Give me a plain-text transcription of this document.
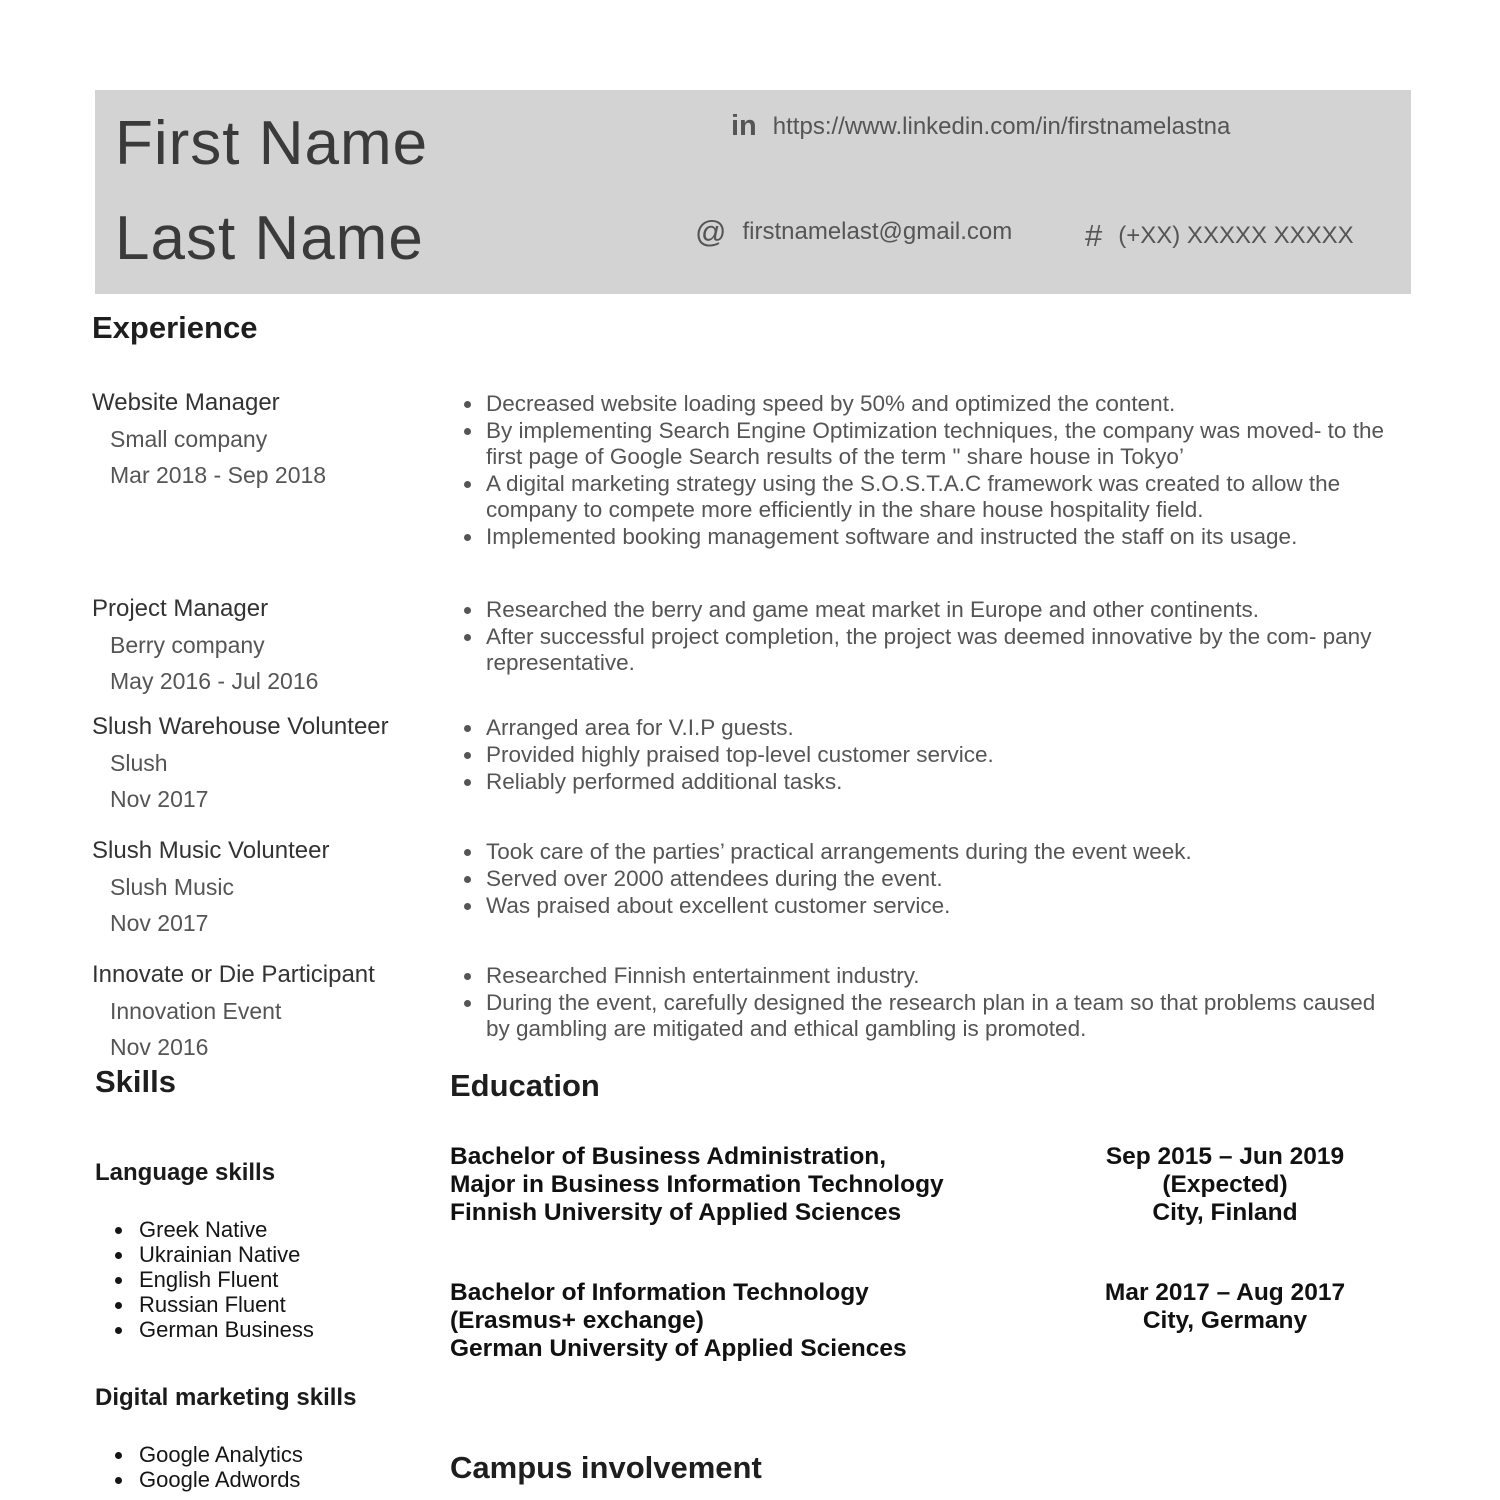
First Name
Last Name
in https://www.linkedin.com/in/firstnamelastna
@ firstnamelast@gmail.com # (+XX) XXXXX XXXXX
Experience
Website Manager
Small company
Mar 2018 - Sep 2018
• Decreased website loading speed by 50% and optimized the content.
• By implementing Search Engine Optimization techniques, the company was moved- to the first page of Google Search results of the term " share house in Tokyo’
• A digital marketing strategy using the S.O.S.T.A.C framework was created to allow the company to compete more efficiently in the share house hospitality field.
• Implemented booking management software and instructed the staff on its usage.
Project Manager
Berry company
May 2016 - Jul 2016
• Researched the berry and game meat market in Europe and other continents.
• After successful project completion, the project was deemed innovative by the com- pany representative.
Slush Warehouse Volunteer
Slush
Nov 2017
• Arranged area for V.I.P guests.
• Provided highly praised top-level customer service.
• Reliably performed additional tasks.
Slush Music Volunteer
Slush Music
Nov 2017
• Took care of the parties’ practical arrangements during the event week.
• Served over 2000 attendees during the event.
• Was praised about excellent customer service.
Innovate or Die Participant
Innovation Event
Nov 2016
• Researched Finnish entertainment industry.
• During the event, carefully designed the research plan in a team so that problems caused by gambling are mitigated and ethical gambling is promoted.
Skills
Language skills
• Greek Native
• Ukrainian Native
• English Fluent
• Russian Fluent
• German Business
Digital marketing skills
• Google Analytics
• Google Adwords
Education
Bachelor of Business Administration,
Major in Business Information Technology
Finnish University of Applied Sciences
Sep 2015 – Jun 2019
(Expected)
City, Finland
Bachelor of Information Technology
(Erasmus+ exchange)
German University of Applied Sciences
Mar 2017 – Aug 2017
City, Germany
Campus involvement
